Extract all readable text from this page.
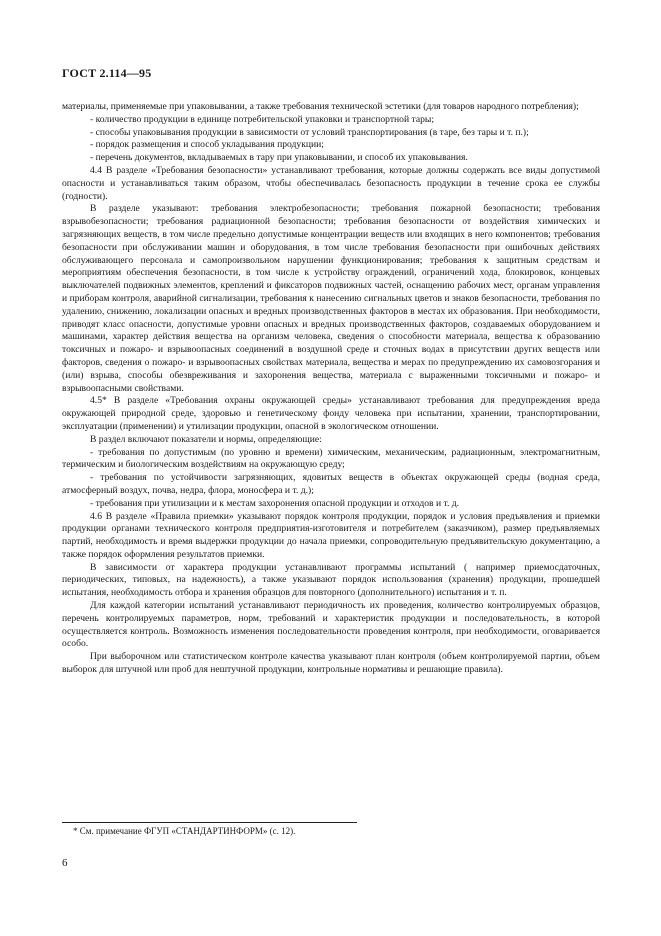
ГОСТ 2.114—95

материалы, применяемые при упаковывании, а также требования технической эстетики (для товаров народного потребления);

- количество продукции в единице потребительской упаковки и транспортной тары;

- способы упаковывания продукции в зависимости от условий транспортирования (в таре, без тары и т. п.);

- порядок размещения и способ укладывания продукции;

- перечень документов, вкладываемых в тару при упаковывании, и способ их упаковывания.

4.4 В разделе «Требования безопасности» устанавливают требования, которые должны содержать все виды допустимой опасности и устанавливаться таким образом, чтобы обеспечивалась безопасность продукции в течение срока ее службы (годности).

В разделе указывают: требования электробезопасности; требования пожарной безопасности; требования взрывобезопасности; требования радиационной безопасности; требования безопасности от воздействия химических и загрязняющих веществ, в том числе предельно допустимые концентрации веществ или входящих в него компонентов; требования безопасности при обслуживании машин и оборудования, в том числе требования безопасности при ошибочных действиях обслуживающего персонала и самопроизвольном нарушении функционирования; требования к защитным средствам и мероприятиям обеспечения безопасности, в том числе к устройству ограждений, ограничений хода, блокировок, концевых выключателей подвижных элементов, креплений и фиксаторов подвижных частей, оснащению рабочих мест, органам управления и приборам контроля, аварийной сигнализации, требования к нанесению сигнальных цветов и знаков безопасности, требования по удалению, снижению, локализации опасных и вредных производственных факторов в местах их образования. При необходимости, приводят класс опасности, допустимые уровни опасных и вредных производственных факторов, создаваемых оборудованием и машинами, характер действия вещества на организм человека, сведения о способности материала, вещества к образованию токсичных и пожаро- и взрывоопасных соединений в воздушной среде и сточных водах в присутствии других веществ или факторов, сведения о пожаро- и взрывоопасных свойствах материала, вещества и мерах по предупреждению их самовозгорания и (или) взрыва, способы обезвреживания и захоронения вещества, материала с выраженными токсичными и пожаро- и взрывоопасными свойствами.

4.5* В разделе «Требования охраны окружающей среды» устанавливают требования для предупреждения вреда окружающей природной среде, здоровью и генетическому фонду человека при испытании, хранении, транспортировании, эксплуатации (применении) и утилизации продукции, опасной в экологическом отношении.

В раздел включают показатели и нормы, определяющие:

- требования по допустимым (по уровню и времени) химическим, механическим, радиационным, электромагнитным, термическим и биологическим воздействиям на окружающую среду;

- требования по устойчивости загрязняющих, ядовитых веществ в объектах окружающей среды (водная среда, атмосферный воздух, почва, недра, флора, моносфера и т. д.);

- требования при утилизации и к местам захоронения опасной продукции и отходов и т. д.

4.6 В разделе «Правила приемки» указывают порядок контроля продукции, порядок и условия предъявления и приемки продукции органами технического контроля предприятия-изготовителя и потребителем (заказчиком), размер предъявляемых партий, необходимость и время выдержки продукции до начала приемки, сопроводительную предъявительскую документацию, а также порядок оформления результатов приемки.

В зависимости от характера продукции устанавливают программы испытаний ( например приемосдаточных, периодических, типовых, на надежность), а также указывают порядок использования (хранения) продукции, прошедшей испытания, необходимость отбора и хранения образцов для повторного (дополнительного) испытания и т. п.

Для каждой категории испытаний устанавливают периодичность их проведения, количество контролируемых образцов, перечень контролируемых параметров, норм, требований и характеристик продукции и последовательность, в которой осуществляется контроль. Возможность изменения последовательности проведения контроля, при необходимости, оговаривается особо.

При выборочном или статистическом контроле качества указывают план контроля (объем контролируемой партии, объем выборок для штучной или проб для нештучной продукции, контрольные нормативы и решающие правила).

* См. примечание ФГУП «СТАНДАРТИНФОРМ» (с. 12).
6
